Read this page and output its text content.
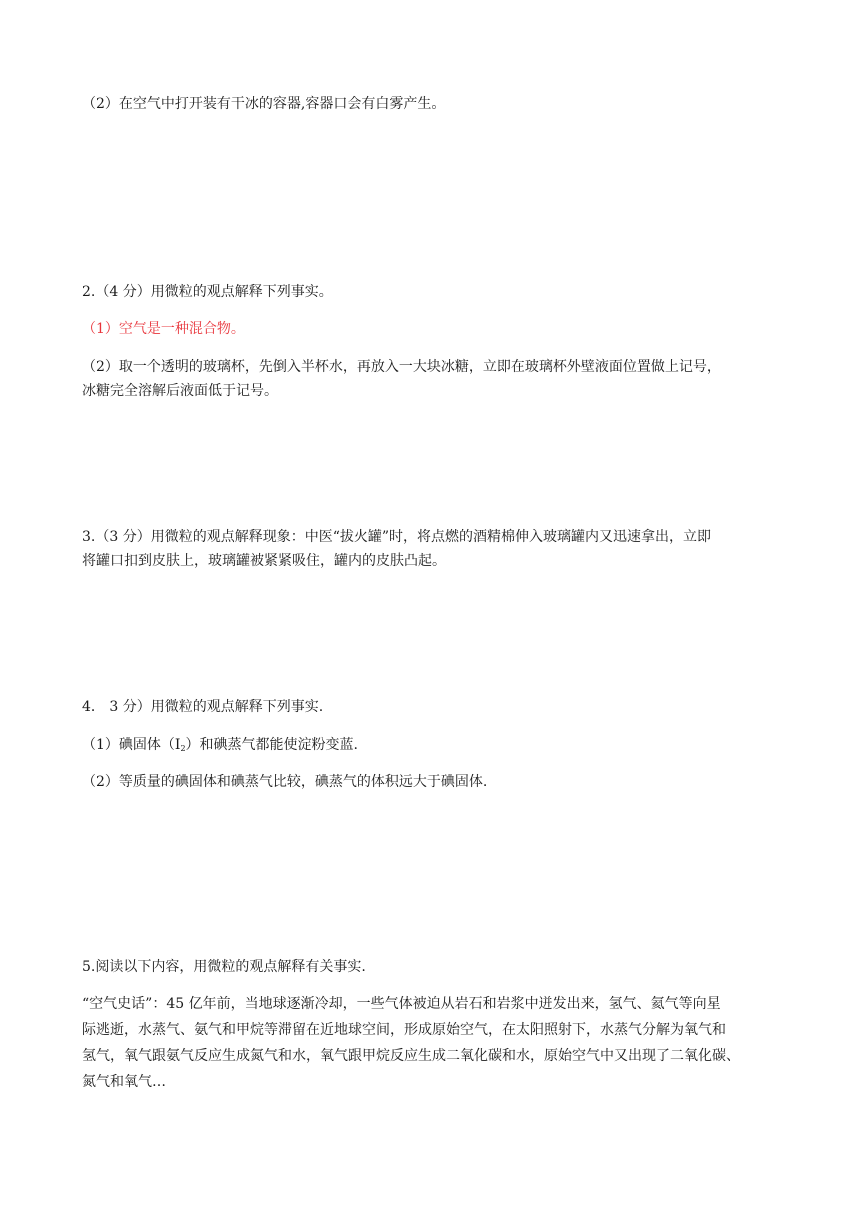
（2）在空气中打开装有干冰的容器,容器口会有白雾产生。
2.（4 分）用微粒的观点解释下列事实。
（1）空气是一种混合物。
（2）取一个透明的玻璃杯，先倒入半杯水，再放入一大块冰糖，立即在玻璃杯外壁液面位置做上记号，
冰糖完全溶解后液面低于记号。
3.（3 分）用微粒的观点解释现象：中医“拔火罐”时，将点燃的酒精棉伸入玻璃罐内又迅速拿出，立即
将罐口扣到皮肤上，玻璃罐被紧紧吸住，罐内的皮肤凸起。
4． 3 分）用微粒的观点解释下列事实.
（1）碘固体$(I_2)$和碘蒸气都能使淀粉变蓝.
（2）等质量的碘固体和碘蒸气比较，碘蒸气的体积远大于碘固体.
5.阅读以下内容，用微粒的观点解释有关事实.
“空气史话”：45 亿年前，当地球逐渐冷却，一些气体被迫从岩石和岩浆中迸发出来，氢气、氦气等向星
际逃逝，水蒸气、氨气和甲烷等滞留在近地球空间，形成原始空气，在太阳照射下，水蒸气分解为氧气和
氢气，氧气跟氨气反应生成氮气和水，氧气跟甲烷反应生成二氧化碳和水，原始空气中又出现了二氧化碳、
氮气和氧气…
